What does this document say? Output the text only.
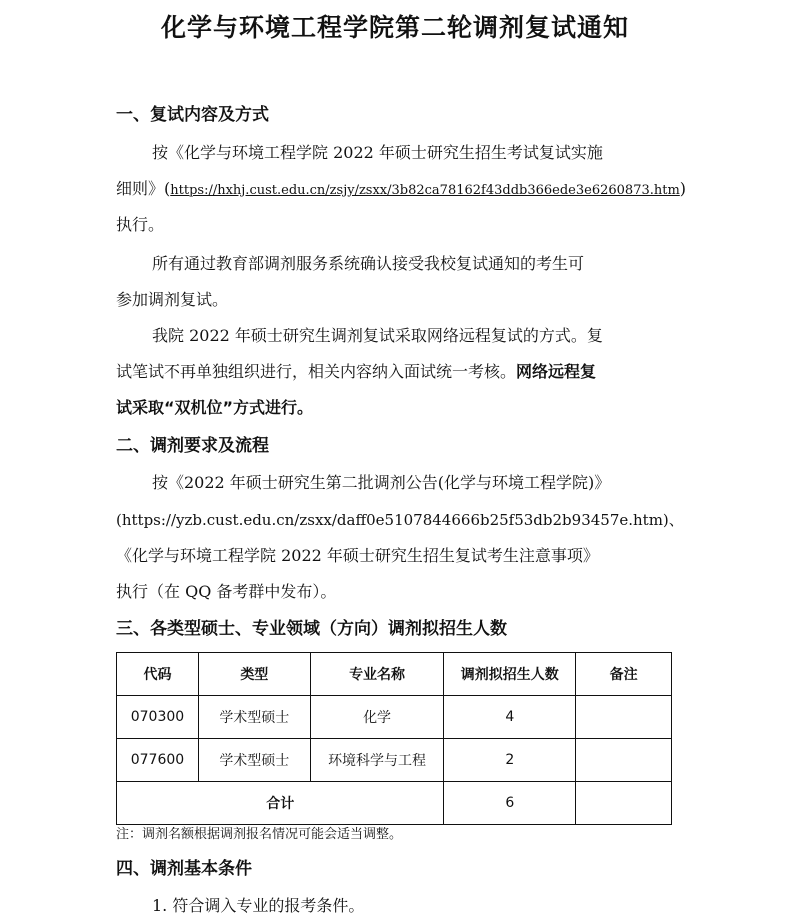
化学与环境工程学院第二轮调剂复试通知
一、复试内容及方式
按《化学与环境工程学院 2022 年硕士研究生招生考试复试实施
细则》(https://hxhj.cust.edu.cn/zsjy/zsxx/3b82ca78162f43ddb366ede3e6260873.htm)
执行。
所有通过教育部调剂服务系统确认接受我校复试通知的考生可
参加调剂复试。
我院 2022 年硕士研究生调剂复试采取网络远程复试的方式。复
试笔试不再单独组织进行，相关内容纳入面试统一考核。网络远程复
试采取“双机位”方式进行。
二、调剂要求及流程
按《2022 年硕士研究生第二批调剂公告(化学与环境工程学院)》
(https://yzb.cust.edu.cn/zsxx/daff0e5107844666b25f53db2b93457e.htm)、
《化学与环境工程学院 2022 年硕士研究生招生复试考生注意事项》
执行（在 QQ 备考群中发布）。
三、各类型硕士、专业领域（方向）调剂拟招生人数
代码	类型	专业名称	调剂拟招生人数	备注
070300	学术型硕士	化学	4	
077600	学术型硕士	环境科学与工程	2	
合计			6	
注：调剂名额根据调剂报名情况可能会适当调整。
四、调剂基本条件
1. 符合调入专业的报考条件。
